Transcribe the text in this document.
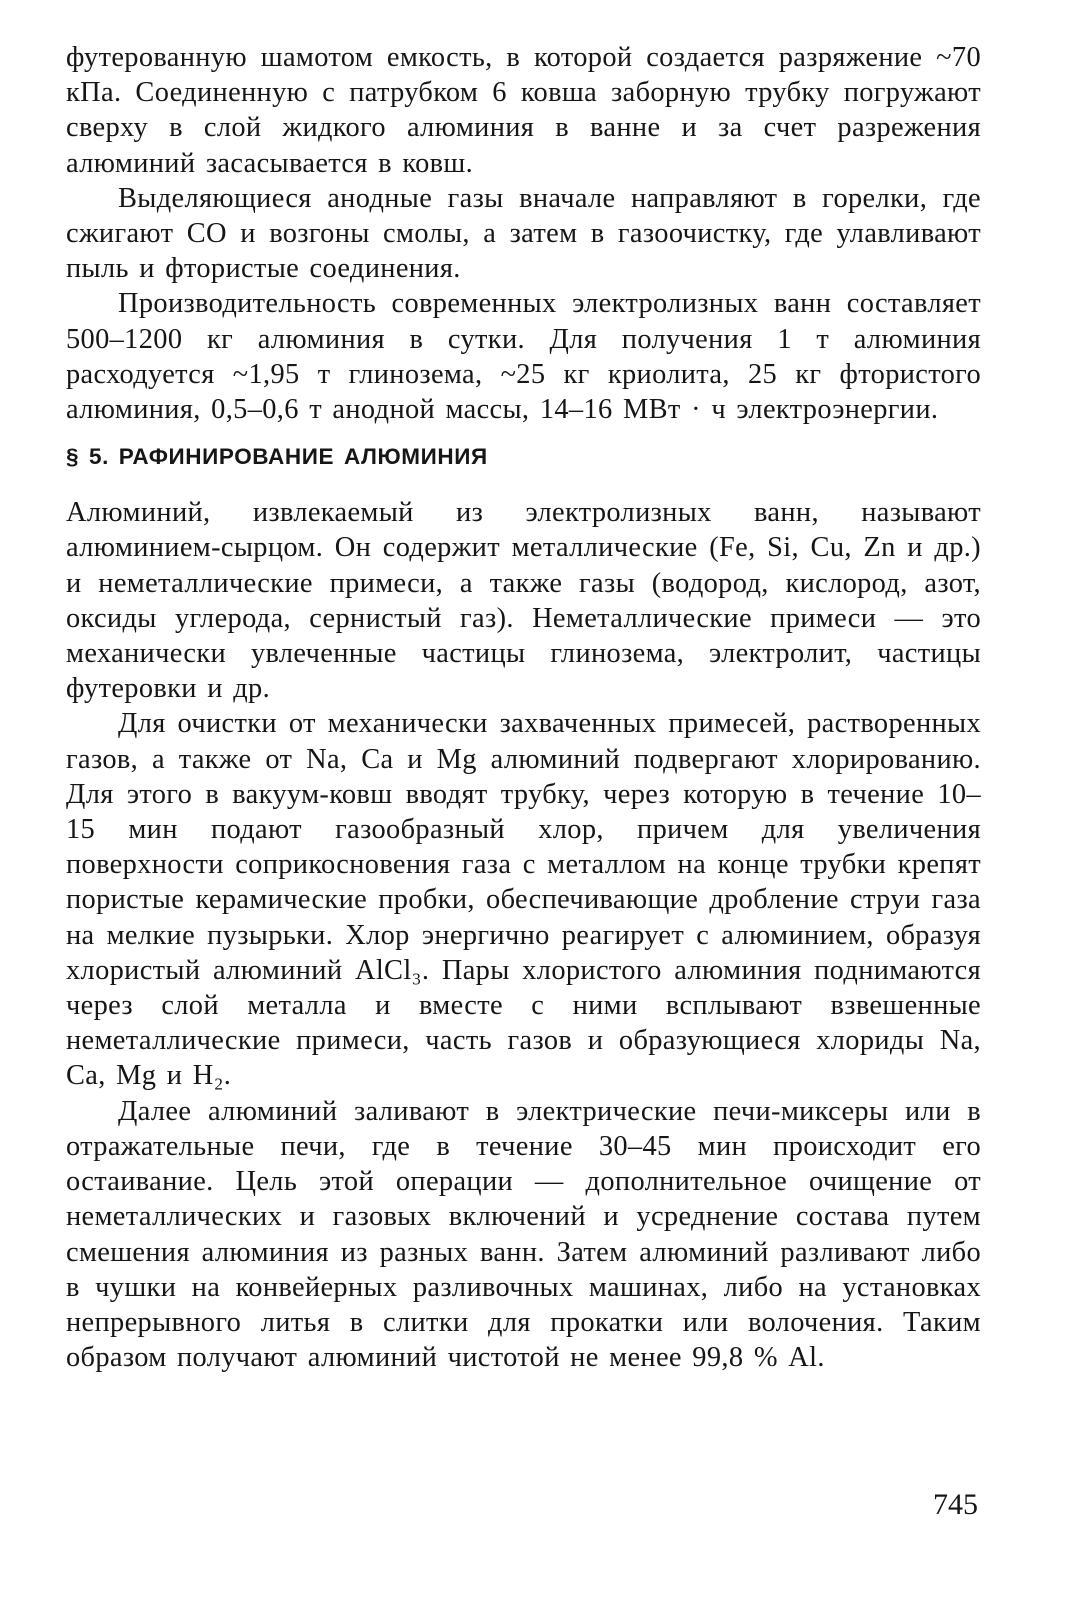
футерованную шамотом емкость, в которой создается разряжение ~70 кПа. Соединенную с патрубком 6 ковша заборную трубку погружают сверху в слой жидкого алюминия в ванне и за счет разрежения алюминий засасывается в ковш.

Выделяющиеся анодные газы вначале направляют в горелки, где сжигают CO и возгоны смолы, а затем в газоочистку, где улавливают пыль и фтористые соединения.

Производительность современных электролизных ванн составляет 500–1200 кг алюминия в сутки. Для получения 1 т алюминия расходуется ~1,95 т глинозема, ~25 кг криолита, 25 кг фтористого алюминия, 0,5–0,6 т анодной массы, 14–16 МВт · ч электроэнергии.

§ 5. РАФИНИРОВАНИЕ АЛЮМИНИЯ

Алюминий, извлекаемый из электролизных ванн, называют алюминием-сырцом. Он содержит металлические (Fe, Si, Cu, Zn и др.) и неметаллические примеси, а также газы (водород, кислород, азот, оксиды углерода, сернистый газ). Неметаллические примеси — это механически увлеченные частицы глинозема, электролит, частицы футеровки и др.

Для очистки от механически захваченных примесей, растворенных газов, а также от Na, Ca и Mg алюминий подвергают хлорированию. Для этого в вакуум-ковш вводят трубку, через которую в течение 10–15 мин подают газообразный хлор, причем для увеличения поверхности соприкосновения газа с металлом на конце трубки крепят пористые керамические пробки, обеспечивающие дробление струи газа на мелкие пузырьки. Хлор энергично реагирует с алюминием, образуя хлористый алюминий AlCl₃. Пары хлористого алюминия поднимаются через слой металла и вместе с ними всплывают взвешенные неметаллические примеси, часть газов и образующиеся хлориды Na, Ca, Mg и H₂.

Далее алюминий заливают в электрические печи-миксеры или в отражательные печи, где в течение 30–45 мин происходит его остаивание. Цель этой операции — дополнительное очищение от неметаллических и газовых включений и усреднение состава путем смешения алюминия из разных ванн. Затем алюминий разливают либо в чушки на конвейерных разливочных машинах, либо на установках непрерывного литья в слитки для прокатки или волочения. Таким образом получают алюминий чистотой не менее 99,8 % Al.

745
